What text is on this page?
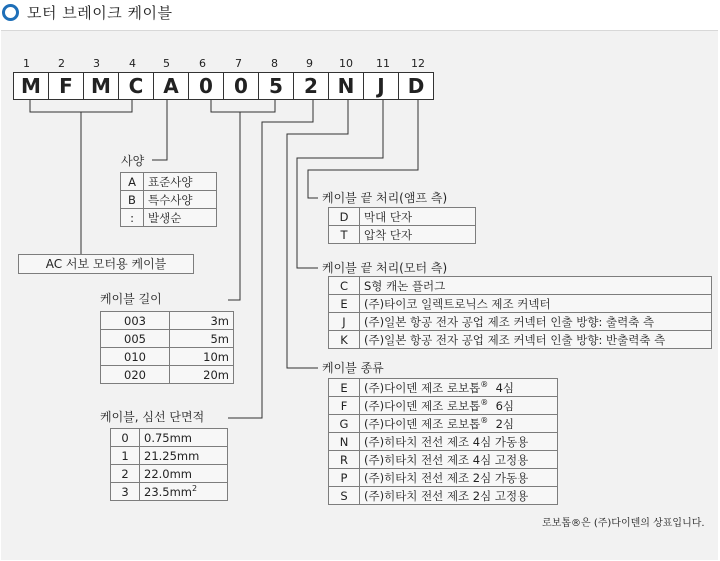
모터 브레이크 케이블
1	2	3	4 5	6	7	8	9 10 11 12
M F M C A	0	0	5	2 N	J	D
사양
A	표준사양
B	특수사양
:	발생순
AC 서보 모터용 케이블
케이블 길이
003	3m
005	5m
010	10m
020	20m
케이블, 심선 단면적
0	0.75mm
1	21.25mm
2	22.0mm
3	$23.5mm^2$
케이블 끝 처리(앰프 측)
D	막대 단자
T	압착 단자
케이블 끝 처리(모터 측)
C	S형 캐논 플러그
E	(주)타이코 일렉트로닉스 제조 커넥터
J	(주)일본 항공 전자 공업 제조 커넥터 인출 방향: 출력축 측
K	(주)일본 항공 전자 공업 제조 커넥터 인출 방향: 반출력축 측
케이블 종류
E	(주)다이덴 제조 로보톱® 4심
F	(주)다이덴 제조 로보톱® 6심
G	(주)다이덴 제조 로보톱® 2심
N	(주)히타치 전선 제조 4심 가동용
R	(주)히타치 전선 제조 4심 고정용
P	(주)히타치 전선 제조 2심 가동용
S	(주)히타치 전선 제조 2심 고정용
로보톱®은 (주)다이덴의 상표입니다.
